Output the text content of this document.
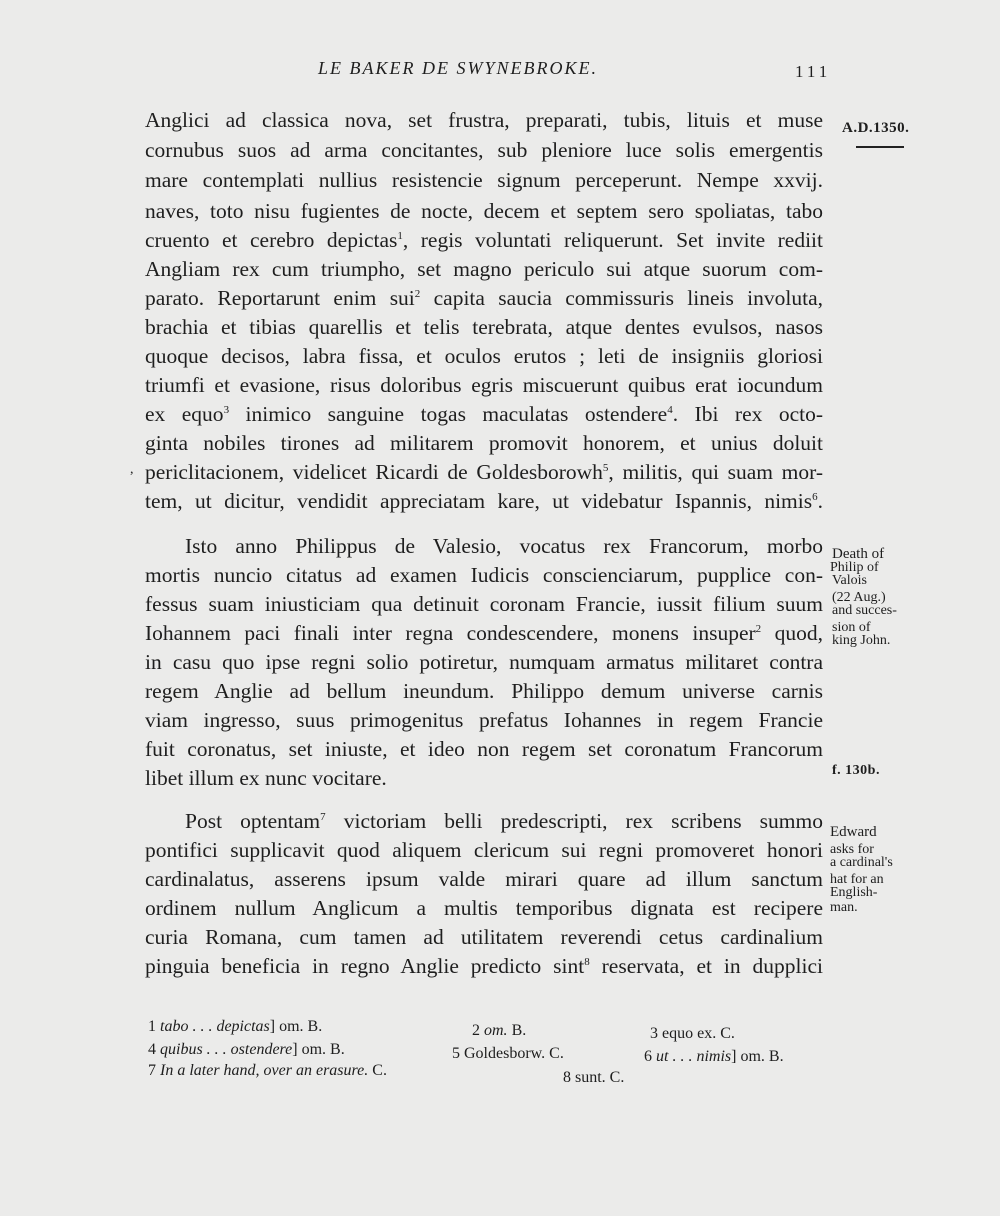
LE BAKER DE SWYNEBROKE.	111
Anglici ad classica nova, set frustra, preparati, tubis, lituis et muse
cornubus suos ad arma concitantes, sub pleniore luce solis emergentis
mare contemplati nullius resistencie signum perceperunt. Nempe xxvij.
naves, toto nisu fugientes de nocte, decem et septem sero spoliatas, tabo
cruento et cerebro depictas$^1$, regis voluntati reliquerunt. Set invite rediit
Angliam rex cum triumpho, set magno periculo sui atque suorum com-
parato. Reportarunt enim sui$^2$ capita saucia commissuris lineis involuta,
brachia et tibias quarellis et telis terebrata, atque dentes evulsos, nasos
quoque decisos, labra fissa, et oculos erutos ; leti de insigniis gloriosi
triumfi et evasione, risus doloribus egris miscuerunt quibus erat iocundum
ex equo$^3$ inimico sanguine togas maculatas ostendere$^4$. Ibi rex octo-
ginta nobiles tirones ad militarem promovit honorem, et unius doluit
periclitacionem, videlicet Ricardi de Goldesborowh$^5$, militis, qui suam mor-
tem, ut dicitur, vendidit appreciatam kare, ut videbatur Ispannis, nimis$^6$.
Isto anno Philippus de Valesio, vocatus rex Francorum, morbo
mortis nuncio citatus ad examen Iudicis conscienciarum, pupplice con-
fessus suam iniusticiam qua detinuit coronam Francie, iussit filium suum
Iohannem paci finali inter regna condescendere, monens insuper$^2$ quod,
in casu quo ipse regni solio potiretur, numquam armatus militaret contra
regem Anglie ad bellum ineundum. Philippo demum universe carnis
viam ingresso, suus primogenitus prefatus Iohannes in regem Francie
fuit coronatus, set iniuste, et ideo non regem set coronatum Francorum
libet illum ex nunc vocitare.
Post optentam$^7$ victoriam belli predescripti, rex scribens summo
pontifici supplicavit quod aliquem clericum sui regni promoveret honori
cardinalatus, asserens ipsum valde mirari quare ad illum sanctum
ordinem nullum Anglicum a multis temporibus dignata est recipere
curia Romana, cum tamen ad utilitatem reverendi cetus cardinalium
pinguia beneficia in regno Anglie predicto sint$^8$ reservata, et in dupplici
,
A.D.1350.
Death of
Philip of
Valois
(22 Aug.)
and succes-
sion of
king John.
f. 130b.
Edward
asks for
a cardinal's
hat for an
English-
man.
1 tabo . . . depictas] om. B.	2 om. B.	3 equo ex. C.
4 quibus . . . ostendere] om. B.	5 Goldesborw. C.	6 ut . . . nimis] om. B.
7 In a later hand, over an erasure. C.	8 sunt. C.
